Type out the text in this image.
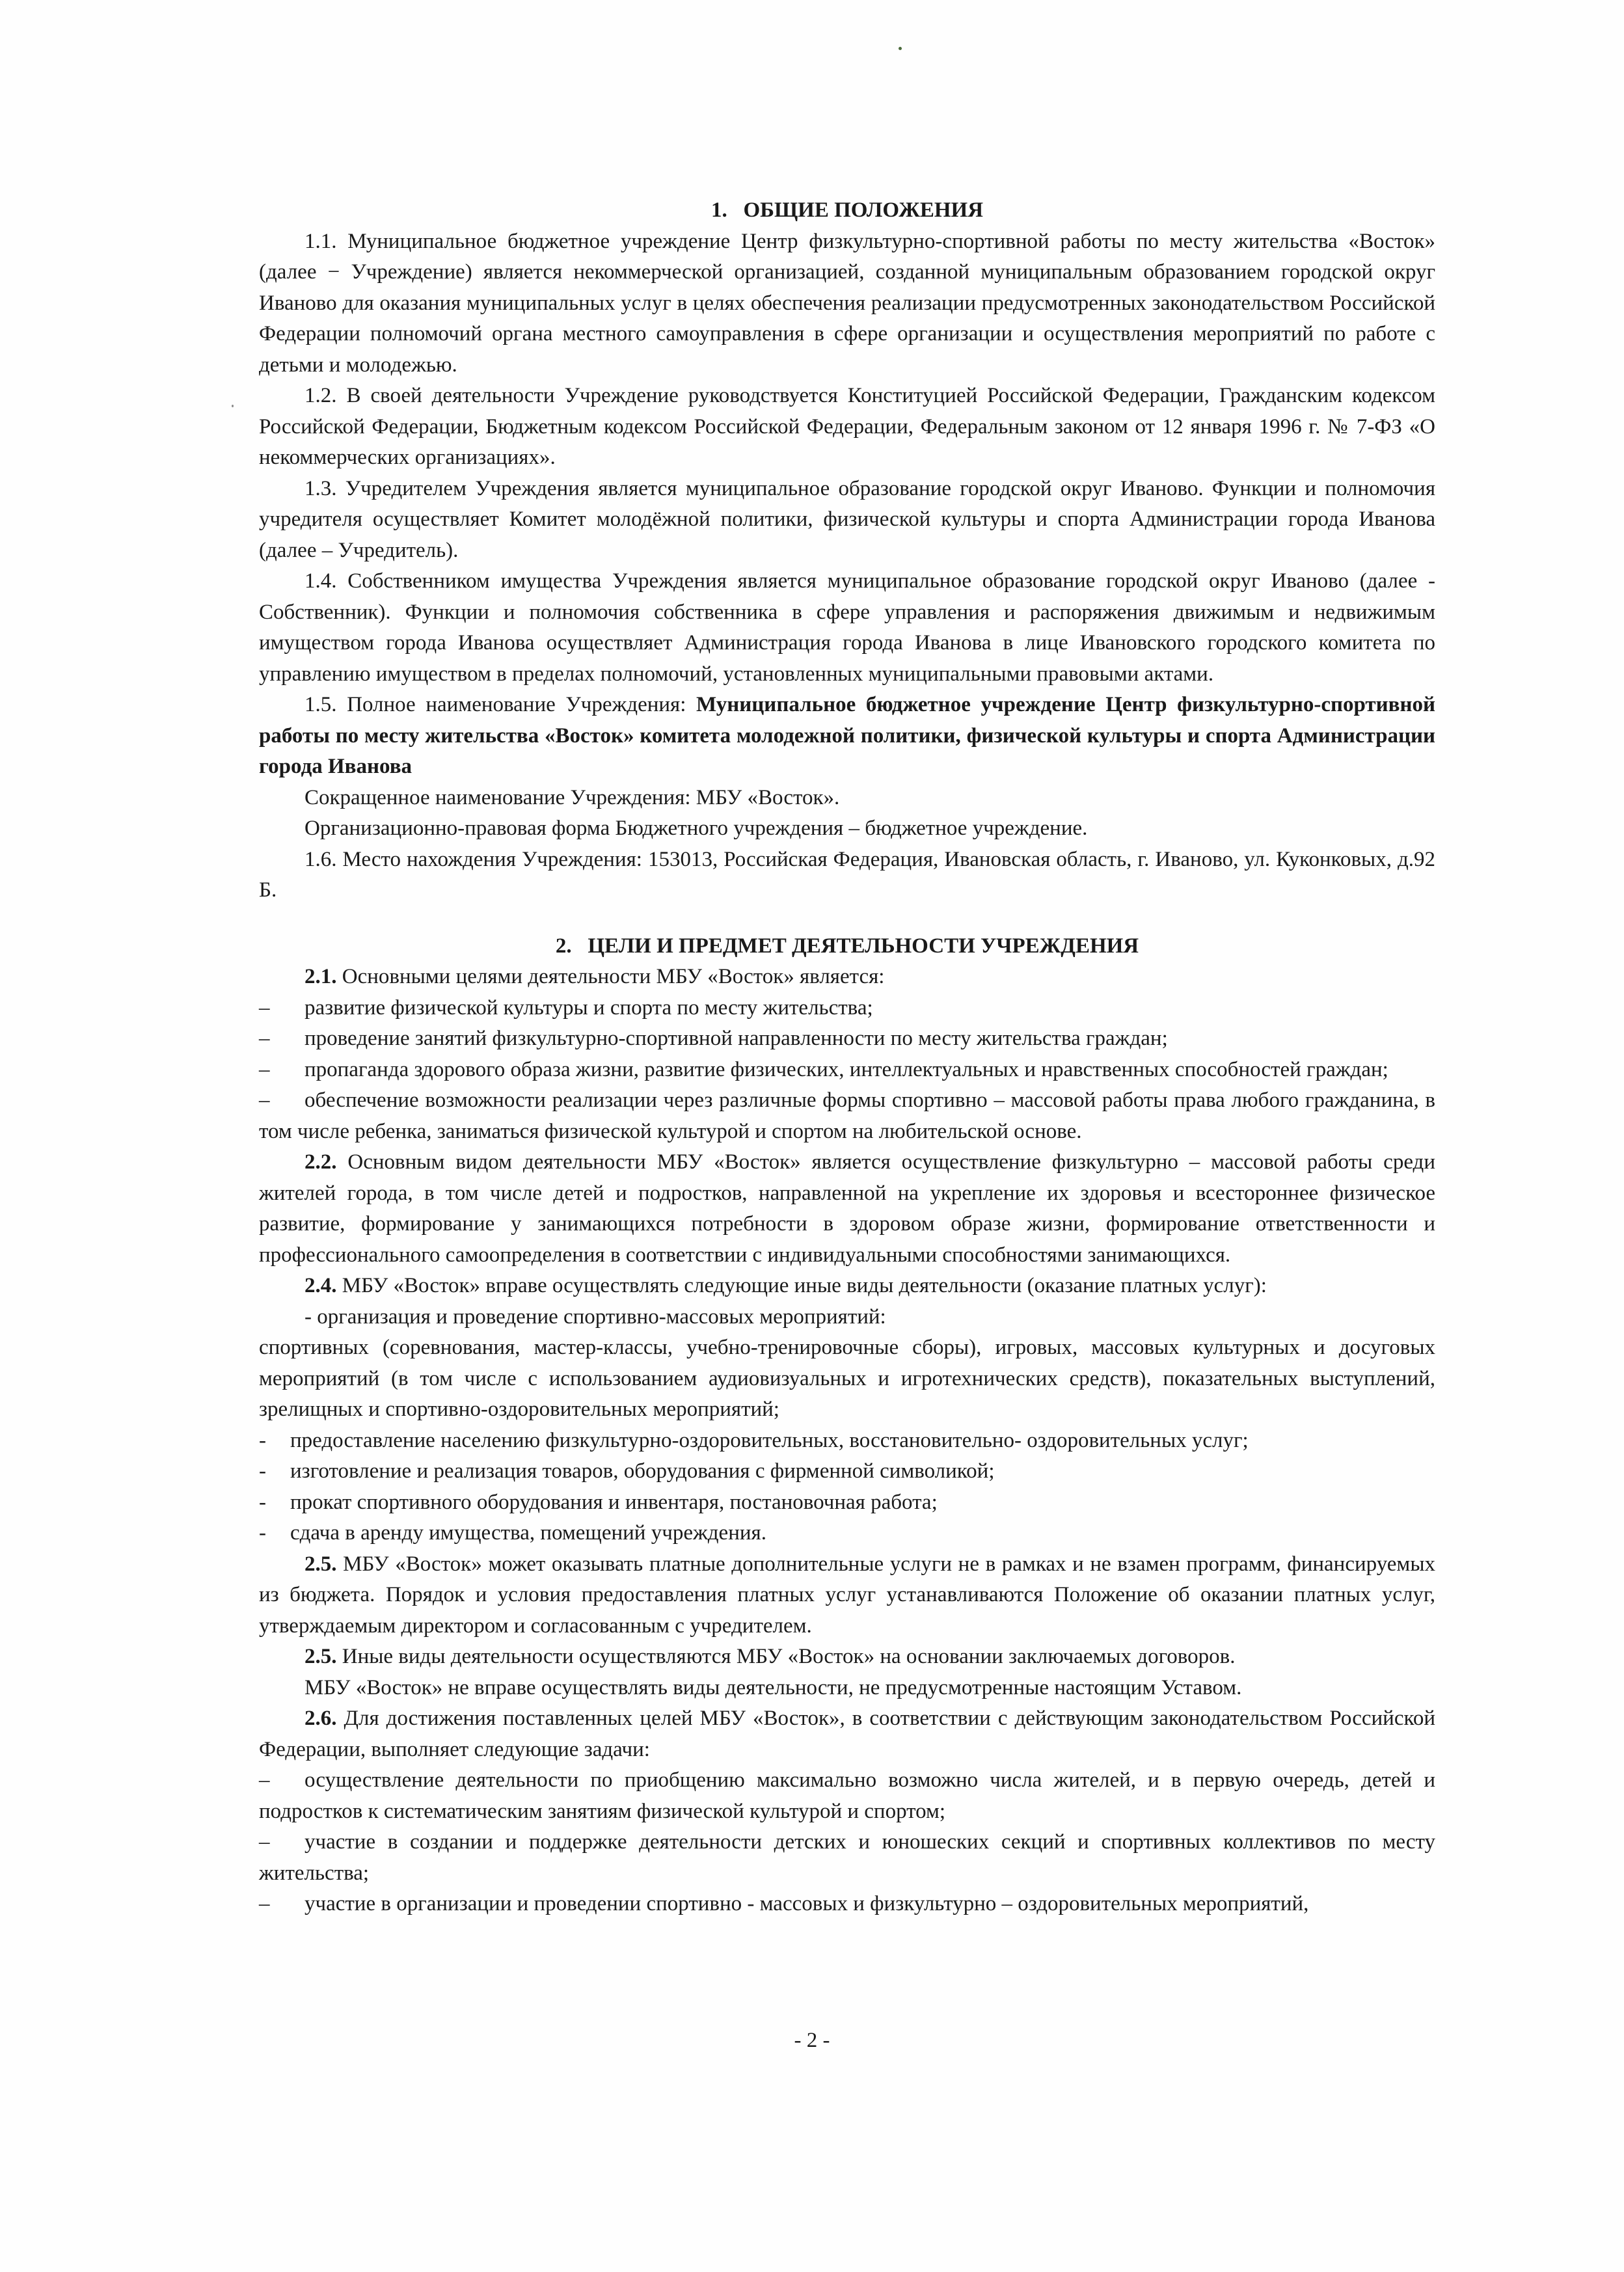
1.   ОБЩИЕ ПОЛОЖЕНИЯ

1.1. Муниципальное бюджетное учреждение Центр физкультурно-спортивной работы по месту жительства «Восток» (далее − Учреждение) является некоммерческой организацией, созданной муниципальным образованием городской округ Иваново для оказания муниципальных услуг в целях обеспечения реализации предусмотренных законодательством Российской Федерации полномочий органа местного самоуправления в сфере организации и осуществления мероприятий по работе с детьми и молодежью.

1.2. В своей деятельности Учреждение руководствуется Конституцией Российской Федерации, Гражданским кодексом Российской Федерации, Бюджетным кодексом Российской Федерации, Федеральным законом от 12 января 1996 г. № 7-ФЗ «О некоммерческих организациях».

1.3. Учредителем Учреждения является муниципальное образование городской округ Иваново. Функции и полномочия учредителя осуществляет Комитет молодёжной политики, физической культуры и спорта Администрации города Иванова (далее – Учредитель).

1.4. Собственником имущества Учреждения является муниципальное образование городской округ Иваново (далее - Собственник). Функции и полномочия собственника в сфере управления и распоряжения движимым и недвижимым имуществом города Иванова осуществляет Администрация города Иванова в лице Ивановского городского комитета по управлению имуществом в пределах полномочий, установленных муниципальными правовыми актами.

1.5. Полное наименование Учреждения: Муниципальное бюджетное учреждение Центр физкультурно-спортивной работы по месту жительства «Восток» комитета молодежной политики, физической культуры и спорта Администрации города Иванова

Сокращенное наименование Учреждения: МБУ «Восток».

Организационно-правовая форма Бюджетного учреждения – бюджетное учреждение.

1.6. Место нахождения Учреждения: 153013, Российская Федерация, Ивановская область, г. Иваново, ул. Куконковых, д.92 Б.

2.   ЦЕЛИ И ПРЕДМЕТ ДЕЯТЕЛЬНОСТИ УЧРЕЖДЕНИЯ

2.1. Основными целями деятельности МБУ «Восток» является:

– развитие физической культуры и спорта по месту жительства;

– проведение занятий физкультурно-спортивной направленности по месту жительства граждан;

– пропаганда здорового образа жизни, развитие физических, интеллектуальных и нравственных способностей граждан;

– обеспечение возможности реализации через различные формы спортивно – массовой работы права любого гражданина, в том числе ребенка, заниматься физической культурой и спортом на любительской основе.

2.2. Основным видом деятельности МБУ «Восток» является осуществление физкультурно – массовой работы среди жителей города, в том числе детей и подростков, направленной на укрепление их здоровья и всестороннее физическое развитие, формирование у занимающихся потребности в здоровом образе жизни, формирование ответственности и профессионального самоопределения в соответствии с индивидуальными способностями занимающихся.

2.4. МБУ «Восток» вправе осуществлять следующие иные виды деятельности (оказание платных услуг):

- организация и проведение спортивно-массовых мероприятий:

спортивных (соревнования, мастер-классы, учебно-тренировочные сборы), игровых, массовых культурных и досуговых мероприятий (в том числе с использованием аудиовизуальных и игротехнических средств), показательных выступлений, зрелищных и спортивно-оздоровительных мероприятий;

- предоставление населению физкультурно-оздоровительных, восстановительно- оздоровительных услуг;

- изготовление и реализация товаров, оборудования с фирменной символикой;

- прокат спортивного оборудования и инвентаря, постановочная работа;

- сдача в аренду имущества, помещений учреждения.

2.5. МБУ «Восток» может оказывать платные дополнительные услуги не в рамках и не взамен программ, финансируемых из бюджета. Порядок и условия предоставления платных услуг устанавливаются Положение об оказании платных услуг, утверждаемым директором и согласованным с учредителем.

2.5. Иные виды деятельности осуществляются МБУ «Восток» на основании заключаемых договоров.

МБУ «Восток» не вправе осуществлять виды деятельности, не предусмотренные настоящим Уставом.

2.6. Для достижения поставленных целей МБУ «Восток», в соответствии с действующим законодательством Российской Федерации, выполняет следующие задачи:

– осуществление деятельности по приобщению максимально возможно числа жителей, и в первую очередь, детей и подростков к систематическим занятиям физической культурой и спортом;

– участие в создании и поддержке деятельности детских и юношеских секций и спортивных коллективов по месту жительства;

– участие в организации и проведении спортивно - массовых и физкультурно – оздоровительных мероприятий,

- 2 -
